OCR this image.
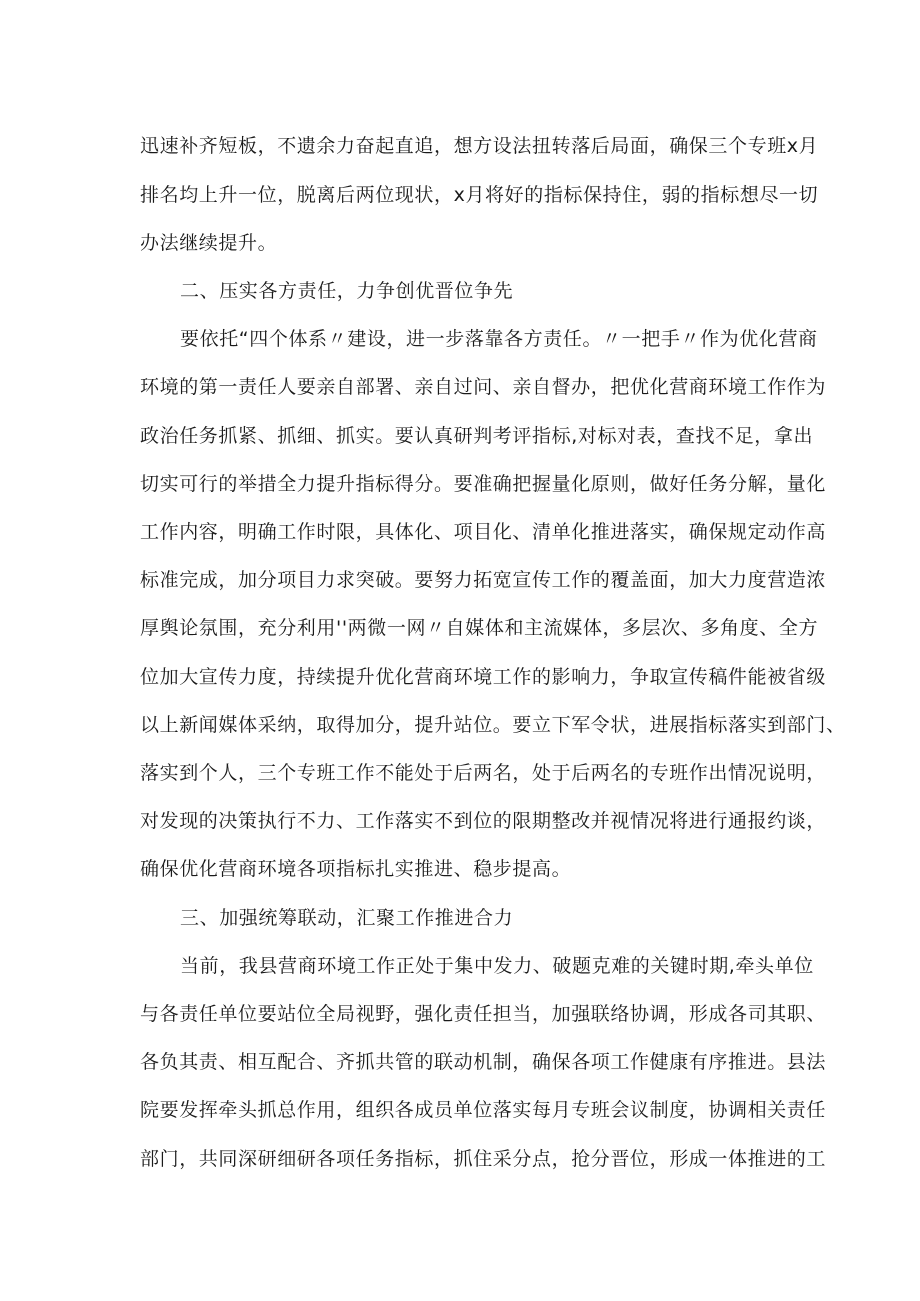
迅速补齐短板，不遗余力奋起直追，想方设法扭转落后局面，确保三个专班x月
排名均上升一位，脱离后两位现状，x月将好的指标保持住，弱的指标想尽一切
办法继续提升。
二、压实各方责任，力争创优晋位争先
要依托“四个体系〃建设，进一步落靠各方责任。〃一把手〃作为优化营商
环境的第一责任人要亲自部署、亲自过问、亲自督办，把优化营商环境工作作为
政治任务抓紧、抓细、抓实。要认真研判考评指标,对标对表，查找不足，拿出
切实可行的举措全力提升指标得分。要准确把握量化原则，做好任务分解，量化
工作内容，明确工作时限，具体化、项目化、清单化推进落实，确保规定动作高
标准完成，加分项目力求突破。要努力拓宽宣传工作的覆盖面，加大力度营造浓
厚舆论氛围，充分利用''两微一网〃自媒体和主流媒体，多层次、多角度、全方
位加大宣传力度，持续提升优化营商环境工作的影响力，争取宣传稿件能被省级
以上新闻媒体采纳，取得加分，提升站位。要立下军令状，进展指标落实到部门、
落实到个人，三个专班工作不能处于后两名，处于后两名的专班作出情况说明，
对发现的决策执行不力、工作落实不到位的限期整改并视情况将进行通报约谈，
确保优化营商环境各项指标扎实推进、稳步提高。
三、加强统筹联动，汇聚工作推进合力
当前，我县营商环境工作正处于集中发力、破题克难的关键时期,牵头单位
与各责任单位要站位全局视野，强化责任担当，加强联络协调，形成各司其职、
各负其责、相互配合、齐抓共管的联动机制，确保各项工作健康有序推进。县法
院要发挥牵头抓总作用，组织各成员单位落实每月专班会议制度，协调相关责任
部门，共同深研细研各项任务指标，抓住采分点，抢分晋位，形成一体推进的工
